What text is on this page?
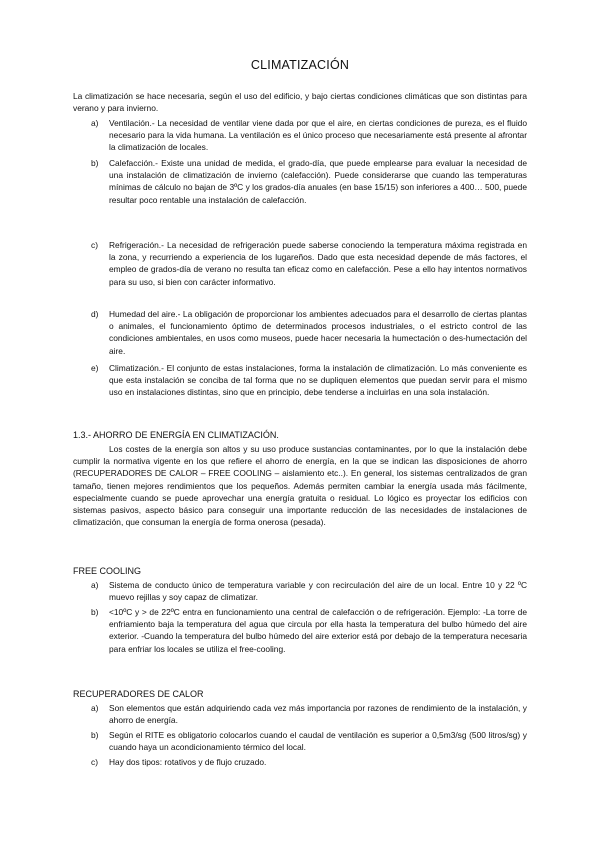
CLIMATIZACIÓN
La climatización se hace necesaria, según el uso del edificio, y bajo ciertas condiciones climáticas que son distintas para verano y para invierno.
a) Ventilación.- La necesidad de ventilar viene dada por que el aire, en ciertas condiciones de pureza, es el fluido necesario para la vida humana. La ventilación es el único proceso que necesariamente está presente al afrontar la climatización de locales.
b) Calefacción.- Existe una unidad de medida, el grado-día, que puede emplearse para evaluar la necesidad de una instalación de climatización de invierno (calefacción). Puede considerarse que cuando las temperaturas mínimas de cálculo no bajan de 3ºC y los grados-día anuales (en base 15/15) son inferiores a 400… 500, puede resultar poco rentable una instalación de calefacción.
c) Refrigeración.- La necesidad de refrigeración puede saberse conociendo la temperatura máxima registrada en la zona, y recurriendo a experiencia de los lugareños. Dado que esta necesidad depende de más factores, el empleo de grados-día de verano no resulta tan eficaz como en calefacción. Pese a ello hay intentos normativos para su uso, si bien con carácter informativo.
d) Humedad del aire.- La obligación de proporcionar los ambientes adecuados para el desarrollo de ciertas plantas o animales, el funcionamiento óptimo de determinados procesos industriales, o el estricto control de las condiciones ambientales, en usos como museos, puede hacer necesaria la humectación o des-humectación del aire.
e) Climatización.- El conjunto de estas instalaciones, forma la instalación de climatización. Lo más conveniente es que esta instalación se conciba de tal forma que no se dupliquen elementos que puedan servir para el mismo uso en instalaciones distintas, sino que en principio, debe tenderse a incluirlas en una sola instalación.
1.3.- AHORRO DE ENERGÍA EN CLIMATIZACIÓN.
Los costes de la energía son altos y su uso produce sustancias contaminantes, por lo que la instalación debe cumplir la normativa vigente en los que refiere el ahorro de energía, en la que se indican las disposiciones de ahorro (RECUPERADORES DE CALOR – FREE COOLING – aislamiento etc..). En general, los sistemas centralizados de gran tamaño, tienen mejores rendimientos que los pequeños. Además permiten cambiar la energía usada más fácilmente, especialmente cuando se puede aprovechar una energía gratuita o residual. Lo lógico es proyectar los edificios con sistemas pasivos, aspecto básico para conseguir una importante reducción de las necesidades de instalaciones de climatización, que consuman la energía de forma onerosa (pesada).
FREE COOLING
a) Sistema de conducto único de temperatura variable y con recirculación del aire de un local. Entre 10 y 22 ºC muevo rejillas y soy capaz de climatizar.
b) <10ºC y > de 22ºC entra en funcionamiento una central de calefacción o de refrigeración. Ejemplo: -La torre de enfriamiento baja la temperatura del agua que circula por ella hasta la temperatura del bulbo húmedo del aire exterior. -Cuando la temperatura del bulbo húmedo del aire exterior está por debajo de la temperatura necesaria para enfriar los locales se utiliza el free-cooling.
RECUPERADORES DE CALOR
a) Son elementos que están adquiriendo cada vez más importancia por razones de rendimiento de la instalación, y ahorro de energía.
b) Según el RITE es obligatorio colocarlos cuando el caudal de ventilación es superior a 0,5m3/sg (500 litros/sg) y cuando haya un acondicionamiento térmico del local.
c) Hay dos tipos: rotativos y de flujo cruzado.
